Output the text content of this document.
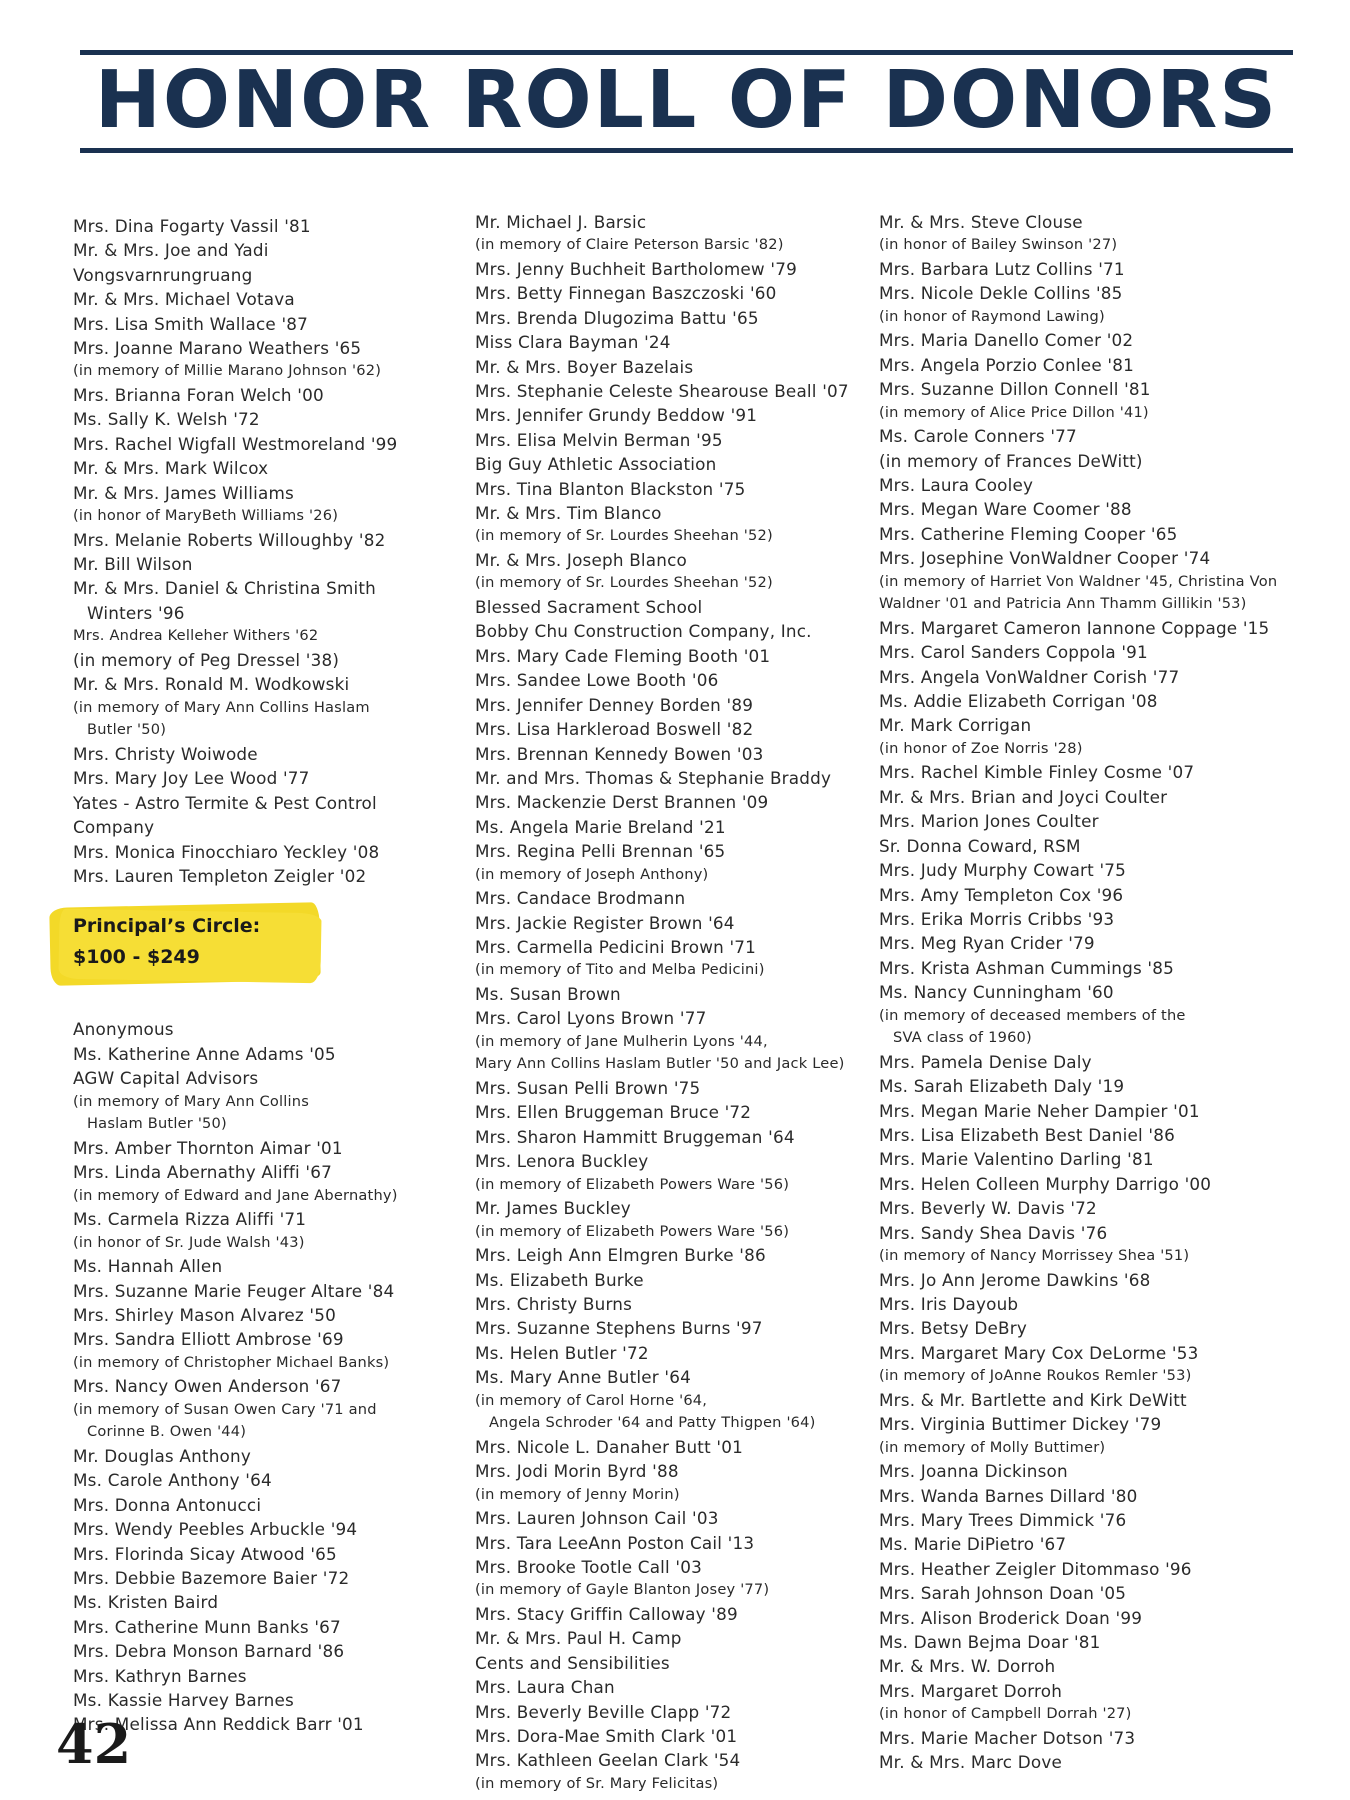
HONOR ROLL OF DONORS
Mrs. Dina Fogarty Vassil '81
Mr. & Mrs. Joe and Yadi
Vongsvarnrungruang
Mr. & Mrs. Michael Votava
Mrs. Lisa Smith Wallace '87
Mrs. Joanne Marano Weathers '65
(in memory of Millie Marano Johnson '62)
Mrs. Brianna Foran Welch '00
Ms. Sally K. Welsh '72
Mrs. Rachel Wigfall Westmoreland '99
Mr. & Mrs. Mark Wilcox
Mr. & Mrs. James Williams
(in honor of MaryBeth Williams '26)
Mrs. Melanie Roberts Willoughby '82
Mr. Bill Wilson
Mr. & Mrs. Daniel & Christina Smith
Winters '96
Mrs. Andrea Kelleher Withers '62
(in memory of Peg Dressel '38)
Mr. & Mrs. Ronald M. Wodkowski
(in memory of Mary Ann Collins Haslam
Butler '50)
Mrs. Christy Woiwode
Mrs. Mary Joy Lee Wood '77
Yates - Astro Termite & Pest Control
Company
Mrs. Monica Finocchiaro Yeckley '08
Mrs. Lauren Templeton Zeigler '02
Principal’s Circle:
$100 - $249
Anonymous
Ms. Katherine Anne Adams '05
AGW Capital Advisors
(in memory of Mary Ann Collins
Haslam Butler '50)
Mrs. Amber Thornton Aimar '01
Mrs. Linda Abernathy Aliffi '67
(in memory of Edward and Jane Abernathy)
Ms. Carmela Rizza Aliffi '71
(in honor of Sr. Jude Walsh '43)
Ms. Hannah Allen
Mrs. Suzanne Marie Feuger Altare '84
Mrs. Shirley Mason Alvarez '50
Mrs. Sandra Elliott Ambrose '69
(in memory of Christopher Michael Banks)
Mrs. Nancy Owen Anderson '67
(in memory of Susan Owen Cary '71 and
Corinne B. Owen '44)
Mr. Douglas Anthony
Ms. Carole Anthony '64
Mrs. Donna Antonucci
Mrs. Wendy Peebles Arbuckle '94
Mrs. Florinda Sicay Atwood '65
Mrs. Debbie Bazemore Baier '72
Ms. Kristen Baird
Mrs. Catherine Munn Banks '67
Mrs. Debra Monson Barnard '86
Mrs. Kathryn Barnes
Ms. Kassie Harvey Barnes
Mrs. Melissa Ann Reddick Barr '01
Mr. Michael J. Barsic
(in memory of Claire Peterson Barsic '82)
Mrs. Jenny Buchheit Bartholomew '79
Mrs. Betty Finnegan Baszczoski '60
Mrs. Brenda Dlugozima Battu '65
Miss Clara Bayman '24
Mr. & Mrs. Boyer Bazelais
Mrs. Stephanie Celeste Shearouse Beall '07
Mrs. Jennifer Grundy Beddow '91
Mrs. Elisa Melvin Berman '95
Big Guy Athletic Association
Mrs. Tina Blanton Blackston '75
Mr. & Mrs. Tim Blanco
(in memory of Sr. Lourdes Sheehan '52)
Mr. & Mrs. Joseph Blanco
(in memory of Sr. Lourdes Sheehan '52)
Blessed Sacrament School
Bobby Chu Construction Company, Inc.
Mrs. Mary Cade Fleming Booth '01
Mrs. Sandee Lowe Booth '06
Mrs. Jennifer Denney Borden '89
Mrs. Lisa Harkleroad Boswell '82
Mrs. Brennan Kennedy Bowen '03
Mr. and Mrs. Thomas & Stephanie Braddy
Mrs. Mackenzie Derst Brannen '09
Ms. Angela Marie Breland '21
Mrs. Regina Pelli Brennan '65
(in memory of Joseph Anthony)
Mrs. Candace Brodmann
Mrs. Jackie Register Brown '64
Mrs. Carmella Pedicini Brown '71
(in memory of Tito and Melba Pedicini)
Ms. Susan Brown
Mrs. Carol Lyons Brown '77
(in memory of Jane Mulherin Lyons '44,
Mary Ann Collins Haslam Butler '50 and Jack Lee)
Mrs. Susan Pelli Brown '75
Mrs. Ellen Bruggeman Bruce '72
Mrs. Sharon Hammitt Bruggeman '64
Mrs. Lenora Buckley
(in memory of Elizabeth Powers Ware '56)
Mr. James Buckley
(in memory of Elizabeth Powers Ware '56)
Mrs. Leigh Ann Elmgren Burke '86
Ms. Elizabeth Burke
Mrs. Christy Burns
Mrs. Suzanne Stephens Burns '97
Ms. Helen Butler '72
Ms. Mary Anne Butler '64
(in memory of Carol Horne '64,
Angela Schroder '64 and Patty Thigpen '64)
Mrs. Nicole L. Danaher Butt '01
Mrs. Jodi Morin Byrd '88
(in memory of Jenny Morin)
Mrs. Lauren Johnson Cail '03
Mrs. Tara LeeAnn Poston Cail '13
Mrs. Brooke Tootle Call '03
(in memory of Gayle Blanton Josey '77)
Mrs. Stacy Griffin Calloway '89
Mr. & Mrs. Paul H. Camp
Cents and Sensibilities
Mrs. Laura Chan
Mrs. Beverly Beville Clapp '72
Mrs. Dora-Mae Smith Clark '01
Mrs. Kathleen Geelan Clark '54
(in memory of Sr. Mary Felicitas)
Mr. & Mrs. Steve Clouse
(in honor of Bailey Swinson '27)
Mrs. Barbara Lutz Collins '71
Mrs. Nicole Dekle Collins '85
(in honor of Raymond Lawing)
Mrs. Maria Danello Comer '02
Mrs. Angela Porzio Conlee '81
Mrs. Suzanne Dillon Connell '81
(in memory of Alice Price Dillon '41)
Ms. Carole Conners '77
(in memory of Frances DeWitt)
Mrs. Laura Cooley
Mrs. Megan Ware Coomer '88
Mrs. Catherine Fleming Cooper '65
Mrs. Josephine VonWaldner Cooper '74
(in memory of Harriet Von Waldner '45, Christina Von
Waldner '01 and Patricia Ann Thamm Gillikin '53)
Mrs. Margaret Cameron Iannone Coppage '15
Mrs. Carol Sanders Coppola '91
Mrs. Angela VonWaldner Corish '77
Ms. Addie Elizabeth Corrigan '08
Mr. Mark Corrigan
(in honor of Zoe Norris '28)
Mrs. Rachel Kimble Finley Cosme '07
Mr. & Mrs. Brian and Joyci Coulter
Mrs. Marion Jones Coulter
Sr. Donna Coward, RSM
Mrs. Judy Murphy Cowart '75
Mrs. Amy Templeton Cox '96
Mrs. Erika Morris Cribbs '93
Mrs. Meg Ryan Crider '79
Mrs. Krista Ashman Cummings '85
Ms. Nancy Cunningham '60
(in memory of deceased members of the
SVA class of 1960)
Mrs. Pamela Denise Daly
Ms. Sarah Elizabeth Daly '19
Mrs. Megan Marie Neher Dampier '01
Mrs. Lisa Elizabeth Best Daniel '86
Mrs. Marie Valentino Darling '81
Mrs. Helen Colleen Murphy Darrigo '00
Mrs. Beverly W. Davis '72
Mrs. Sandy Shea Davis '76
(in memory of Nancy Morrissey Shea '51)
Mrs. Jo Ann Jerome Dawkins '68
Mrs. Iris Dayoub
Mrs. Betsy DeBry
Mrs. Margaret Mary Cox DeLorme '53
(in memory of JoAnne Roukos Remler '53)
Mrs. & Mr. Bartlette and Kirk DeWitt
Mrs. Virginia Buttimer Dickey '79
(in memory of Molly Buttimer)
Mrs. Joanna Dickinson
Mrs. Wanda Barnes Dillard '80
Mrs. Mary Trees Dimmick '76
Ms. Marie DiPietro '67
Mrs. Heather Zeigler Ditommaso '96
Mrs. Sarah Johnson Doan '05
Mrs. Alison Broderick Doan '99
Ms. Dawn Bejma Doar '81
Mr. & Mrs. W. Dorroh
Mrs. Margaret Dorroh
(in honor of Campbell Dorrah '27)
Mrs. Marie Macher Dotson '73
Mr. & Mrs. Marc Dove
42
